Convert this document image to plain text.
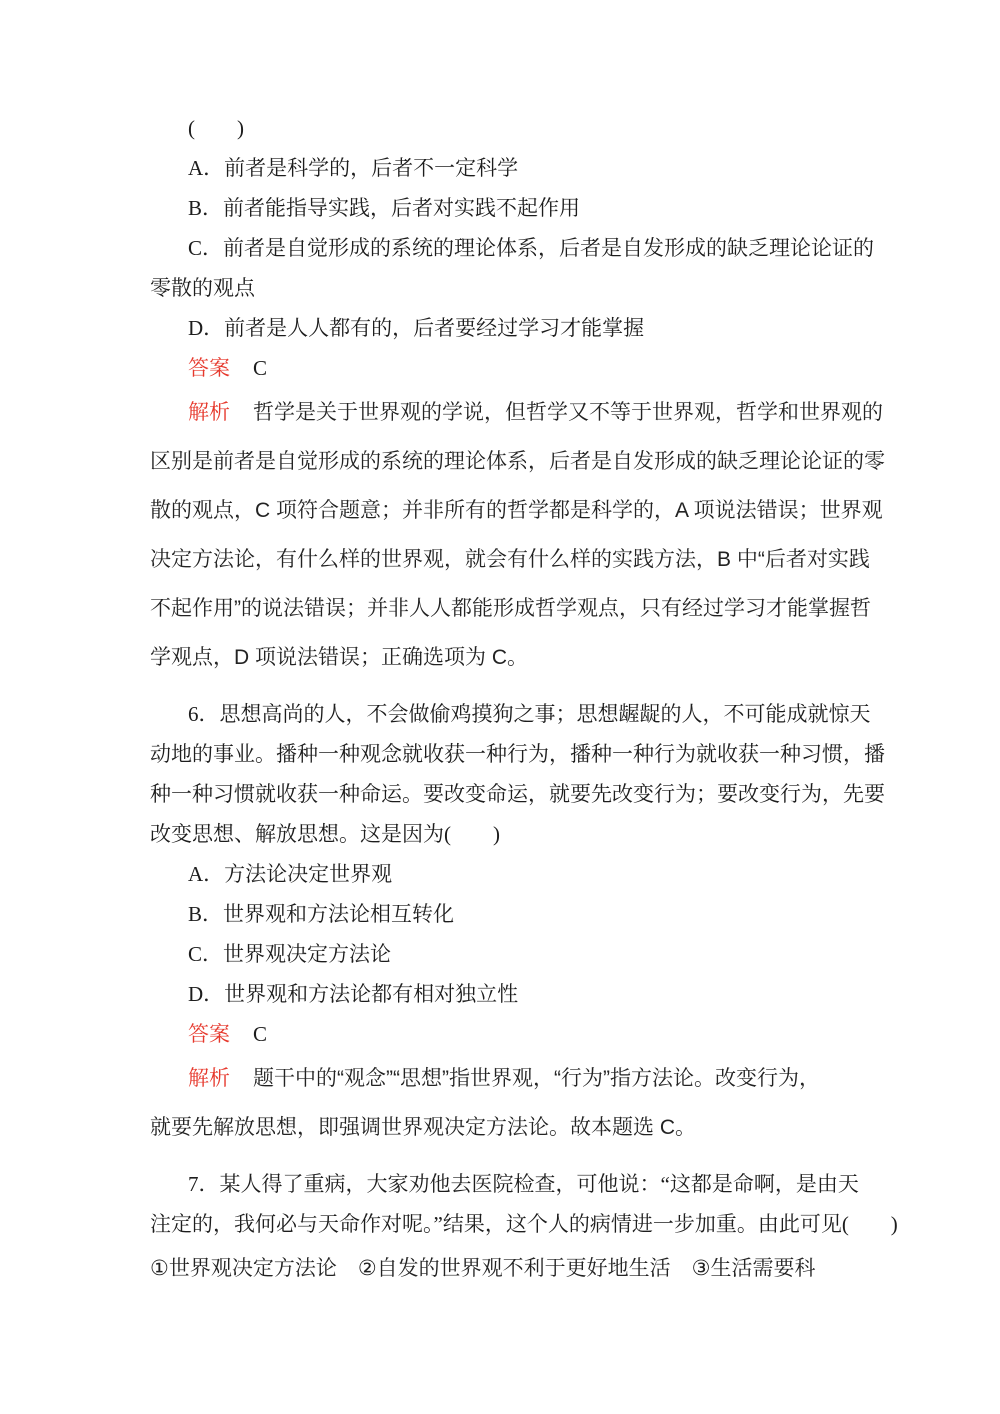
(　　)
A．前者是科学的，后者不一定科学
B．前者能指导实践，后者对实践不起作用
C．前者是自觉形成的系统的理论体系，后者是自发形成的缺乏理论论证的
零散的观点
D．前者是人人都有的，后者要经过学习才能掌握
答案 C
解析 哲学是关于世界观的学说，但哲学又不等于世界观，哲学和世界观的
区别是前者是自觉形成的系统的理论体系，后者是自发形成的缺乏理论论证的零
散的观点，C 项符合题意；并非所有的哲学都是科学的，A 项说法错误；世界观
决定方法论，有什么样的世界观，就会有什么样的实践方法，B 中“后者对实践
不起作用”的说法错误；并非人人都能形成哲学观点，只有经过学习才能掌握哲
学观点，D 项说法错误；正确选项为 C。
6．思想高尚的人，不会做偷鸡摸狗之事；思想龌龊的人，不可能成就惊天
动地的事业。播种一种观念就收获一种行为，播种一种行为就收获一种习惯，播
种一种习惯就收获一种命运。要改变命运，就要先改变行为；要改变行为，先要
改变思想、解放思想。这是因为(　　)
A．方法论决定世界观
B．世界观和方法论相互转化
C．世界观决定方法论
D．世界观和方法论都有相对独立性
答案 C
解析 题干中的“观念”“思想”指世界观，“行为”指方法论。改变行为，
就要先解放思想，即强调世界观决定方法论。故本题选 C。
7．某人得了重病，大家劝他去医院检查，可他说：“这都是命啊，是由天
注定的，我何必与天命作对呢。”结果，这个人的病情进一步加重。由此可见(　　)
①世界观决定方法论　②自发的世界观不利于更好地生活　③生活需要科
